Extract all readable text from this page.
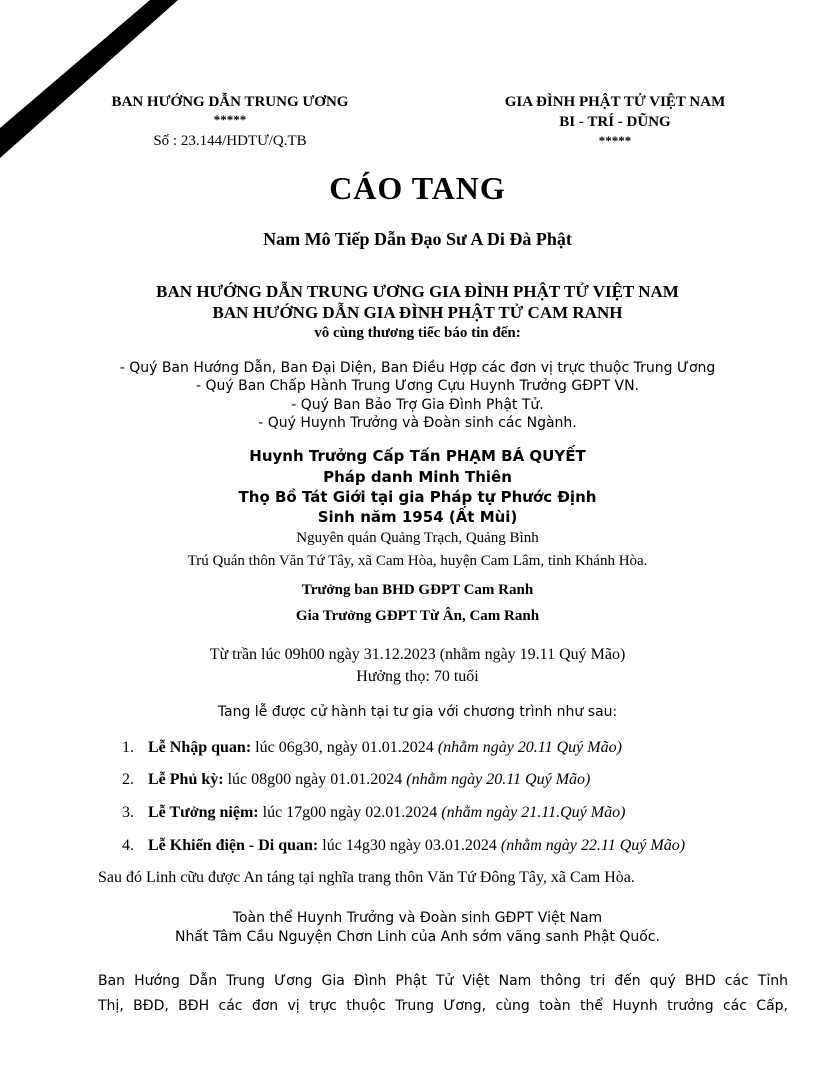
BAN HƯỚNG DẪN TRUNG ƯƠNG
*****
Số : 23.144/HDTƯ/Q.TB
GIA ĐÌNH PHẬT TỬ VIỆT NAM
BI - TRÍ - DŨNG
*****
CÁO TANG
Nam Mô Tiếp Dẫn Đạo Sư A Di Đà Phật
BAN HƯỚNG DẪN TRUNG ƯƠNG GIA ĐÌNH PHẬT TỬ VIỆT NAM
BAN HƯỚNG DẪN GIA ĐÌNH PHẬT TỬ CAM RANH
vô cùng thương tiếc báo tin đến:
- Quý Ban Hướng Dẫn, Ban Đại Diện, Ban Điều Hợp các đơn vị trực thuộc Trung Ương
- Quý Ban Chấp Hành Trung Ương Cựu Huynh Trưởng GĐPT VN.
- Quý Ban Bảo Trợ Gia Đình Phật Tử.
- Quý Huynh Trưởng và Đoàn sinh các Ngành.
Huynh Trưởng Cấp Tấn PHẠM BÁ QUYẾT
Pháp danh Minh Thiên
Thọ Bồ Tát Giới tại gia Pháp tự Phước Định
Sinh năm 1954 (Ất Mùi)
Nguyên quán Quảng Trạch, Quảng Bình
Trú Quán thôn Văn Tứ Tây, xã Cam Hòa, huyện Cam Lâm, tỉnh Khánh Hòa.
Trưởng ban BHD GĐPT Cam Ranh
Gia Trưởng GĐPT Từ Ân, Cam Ranh
Từ trần lúc 09h00 ngày 31.12.2023 (nhằm ngày 19.11 Quý Mão)
Hưởng thọ: 70 tuổi
Tang lễ được cử hành tại tư gia với chương trình như sau:
1. Lễ Nhập quan: lúc 06g30, ngày 01.01.2024 (nhằm ngày 20.11 Quý Mão)
2. Lễ Phủ kỳ: lúc 08g00 ngày 01.01.2024 (nhằm ngày 20.11 Quý Mão)
3. Lễ Tưởng niệm: lúc 17g00 ngày 02.01.2024 (nhằm ngày 21.11.Quý Mão)
4. Lễ Khiển điện - Di quan: lúc 14g30 ngày 03.01.2024 (nhằm ngày 22.11 Quý Mão)
Sau đó Linh cữu được An táng tại nghĩa trang thôn Văn Tứ Đông Tây, xã Cam Hòa.
Toàn thể Huynh Trưởng và Đoàn sinh GĐPT Việt Nam
Nhất Tâm Cầu Nguyện Chơn Linh của Anh sớm vãng sanh Phật Quốc.
Ban Hướng Dẫn Trung Ương Gia Đình Phật Tử Việt Nam thông tri đến quý BHD các Tỉnh
Thị, BĐD, BĐH các đơn vị trực thuộc Trung Ương, cùng toàn thể Huynh trưởng các Cấp,
